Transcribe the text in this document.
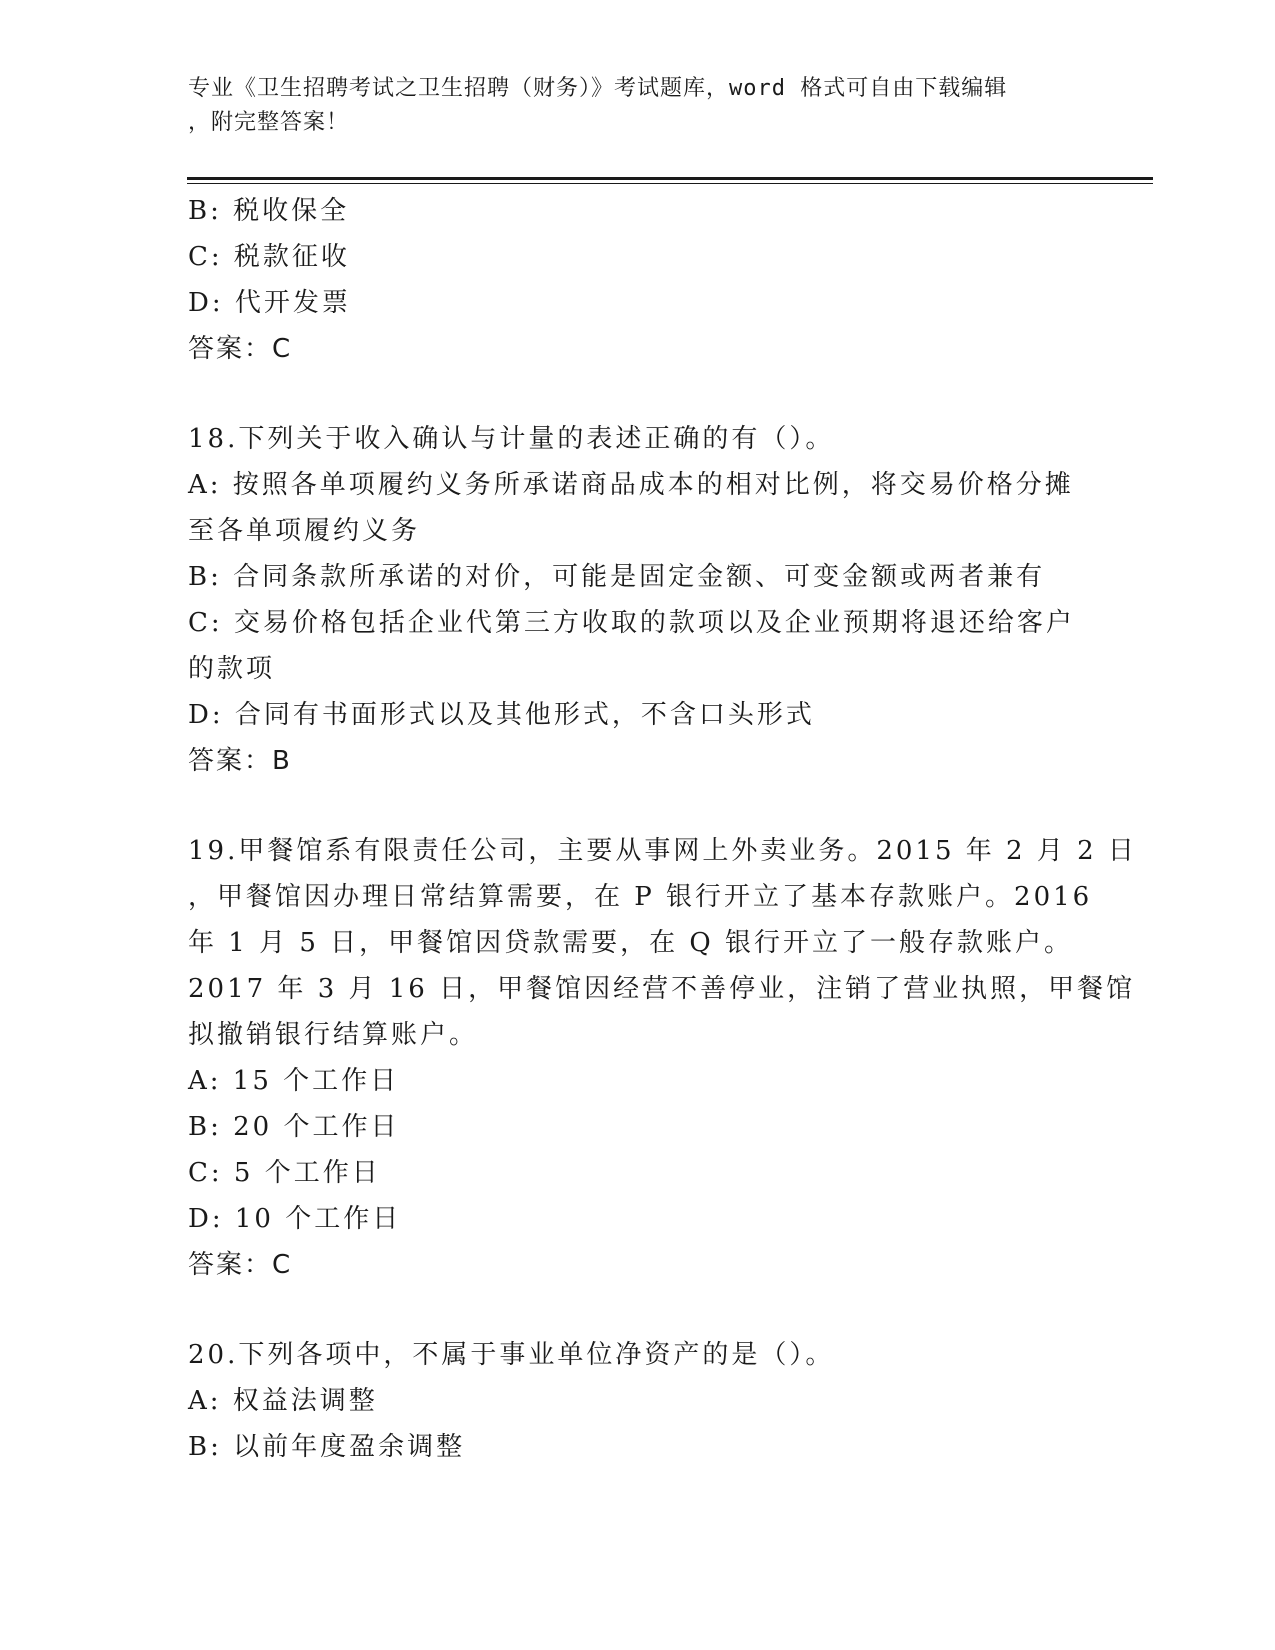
专业《卫生招聘考试之卫生招聘（财务）》考试题库，word 格式可自由下载编辑
，附完整答案！
B: 税收保全
C: 税款征收
D: 代开发票
答案：C
18.下列关于收入确认与计量的表述正确的有（）。
A: 按照各单项履约义务所承诺商品成本的相对比例，将交易价格分摊
至各单项履约义务
B: 合同条款所承诺的对价，可能是固定金额、可变金额或两者兼有
C: 交易价格包括企业代第三方收取的款项以及企业预期将退还给客户
的款项
D: 合同有书面形式以及其他形式，不含口头形式
答案：B
19.甲餐馆系有限责任公司，主要从事网上外卖业务。2015 年 2 月 2 日
，甲餐馆因办理日常结算需要，在 P 银行开立了基本存款账户。2016
年 1 月 5 日，甲餐馆因贷款需要，在 Q 银行开立了一般存款账户。
2017 年 3 月 16 日，甲餐馆因经营不善停业，注销了营业执照，甲餐馆
拟撤销银行结算账户。
A: 15 个工作日
B: 20 个工作日
C: 5 个工作日
D: 10 个工作日
答案：C
20.下列各项中，不属于事业单位净资产的是（）。
A: 权益法调整
B: 以前年度盈余调整
